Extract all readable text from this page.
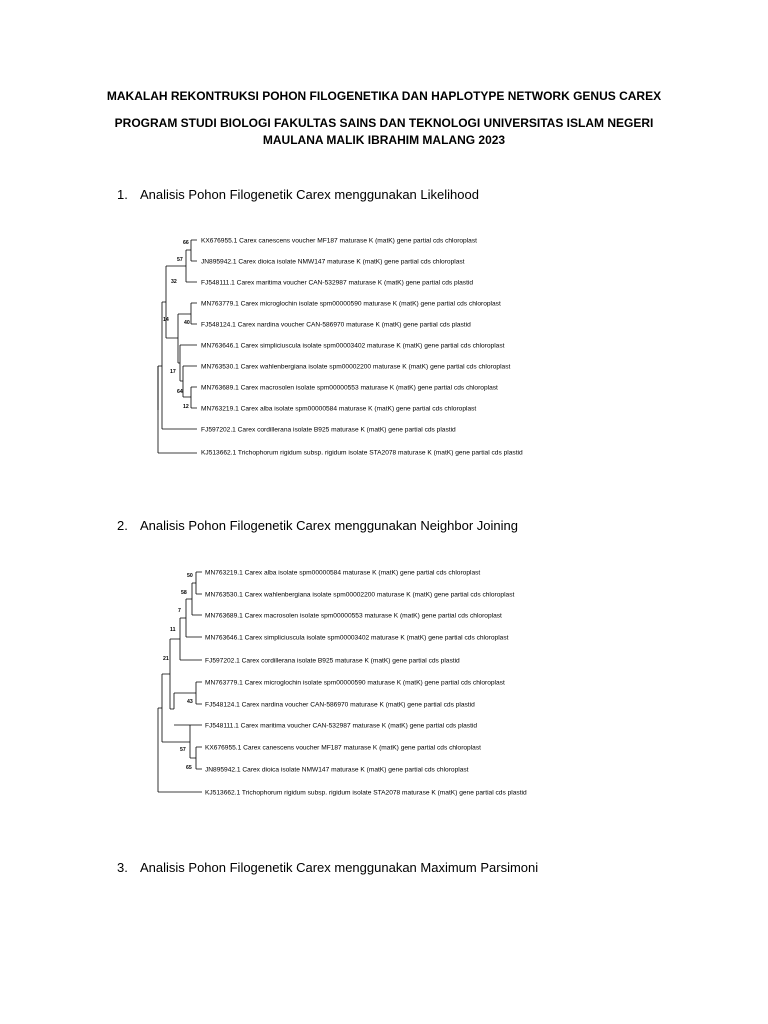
MAKALAH REKONTRUKSI POHON FILOGENETIKA DAN HAPLOTYPE NETWORK GENUS CAREX
PROGRAM STUDI BIOLOGI FAKULTAS SAINS DAN TEKNOLOGI UNIVERSITAS ISLAM NEGERI
MAULANA MALIK IBRAHIM MALANG 2023
1. Analisis Pohon Filogenetik Carex menggunakan Likelihood
KX676955.1 Carex canescens voucher MF187 maturase K (matK) gene partial cds chloroplast
JN895942.1 Carex dioica isolate NMW147 maturase K (matK) gene partial cds chloroplast
FJ548111.1 Carex maritima voucher CAN-532987 maturase K (matK) gene partial cds plastid
MN763779.1 Carex microglochin isolate spm00000590 maturase K (matK) gene partial cds chloroplast
FJ548124.1 Carex nardina voucher CAN-586970 maturase K (matK) gene partial cds plastid
MN763646.1 Carex simpliciuscula isolate spm00003402 maturase K (matK) gene partial cds chloroplast
MN763530.1 Carex wahlenbergiana isolate spm00002200 maturase K (matK) gene partial cds chloroplast
MN763689.1 Carex macrosolen isolate spm00000553 maturase K (matK) gene partial cds chloroplast
MN763219.1 Carex alba isolate spm00000584 maturase K (matK) gene partial cds chloroplast
FJ597202.1 Carex cordillerana isolate B925 maturase K (matK) gene partial cds plastid
KJ513662.1 Trichophorum rigidum subsp. rigidum isolate STA2078 maturase K (matK) gene partial cds plastid
66
57
32
40
14
17
64
12
2. Analisis Pohon Filogenetik Carex menggunakan Neighbor Joining
MN763219.1 Carex alba isolate spm00000584 maturase K (matK) gene partial cds chloroplast
MN763530.1 Carex wahlenbergiana isolate spm00002200 maturase K (matK) gene partial cds chloroplast
MN763689.1 Carex macrosolen isolate spm00000553 maturase K (matK) gene partial cds chloroplast
MN763646.1 Carex simpliciuscula isolate spm00003402 maturase K (matK) gene partial cds chloroplast
FJ597202.1 Carex cordillerana isolate B925 maturase K (matK) gene partial cds plastid
MN763779.1 Carex microglochin isolate spm00000590 maturase K (matK) gene partial cds chloroplast
FJ548124.1 Carex nardina voucher CAN-586970 maturase K (matK) gene partial cds plastid
FJ548111.1 Carex maritima voucher CAN-532987 maturase K (matK) gene partial cds plastid
KX676955.1 Carex canescens voucher MF187 maturase K (matK) gene partial cds chloroplast
JN895942.1 Carex dioica isolate NMW147 maturase K (matK) gene partial cds chloroplast
KJ513662.1 Trichophorum rigidum subsp. rigidum isolate STA2078 maturase K (matK) gene partial cds plastid
50
58
7
11
21
43
57
65
3. Analisis Pohon Filogenetik Carex menggunakan Maximum Parsimoni
